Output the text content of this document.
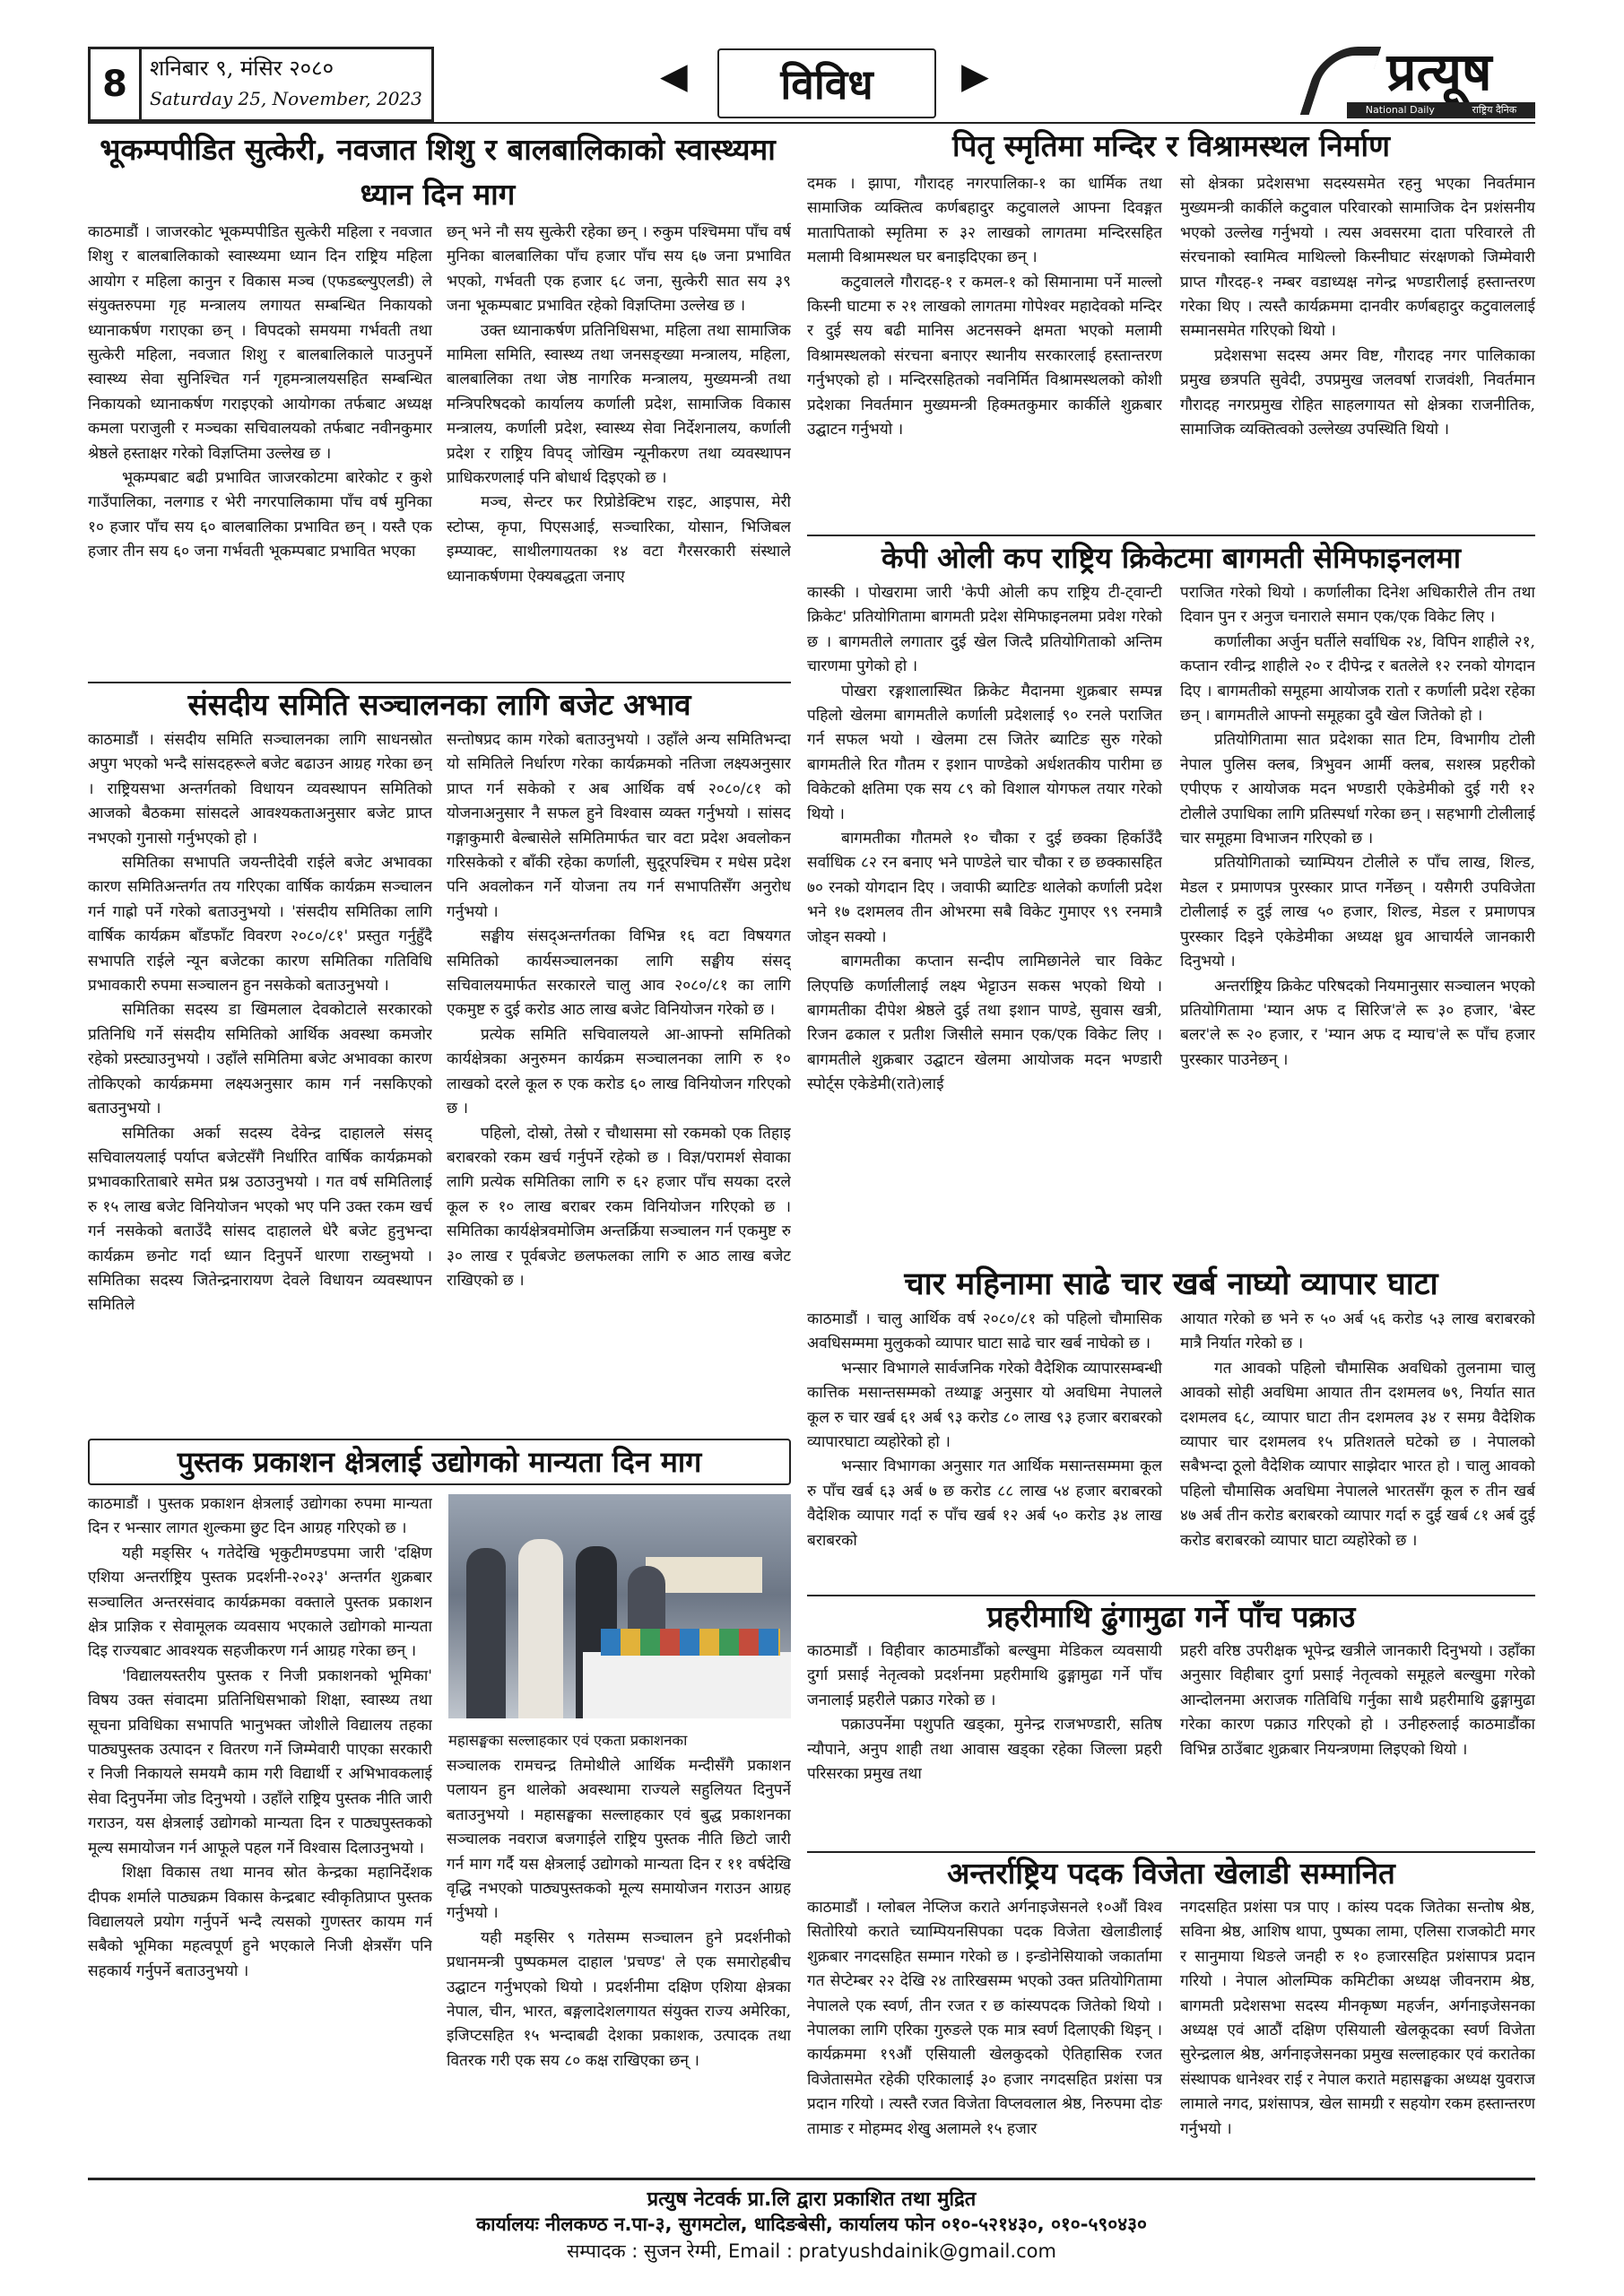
8 शनिबार ९, मंसिर २०८०
Saturday 25, November, 2023
◀	विविध	▶	प्रत्यूष
National Daily	राष्ट्रिय दैनिक
भूकम्पपीडित सुत्केरी, नवजात शिशु र बालबालिकाको स्वास्थ्यमा ध्यान दिन माग

काठमाडौं । जाजरकोट भूकम्पपीडित सुत्केरी महिला र नवजात शिशु र बालबालिकाको स्वास्थ्यमा ध्यान दिन राष्ट्रिय महिला आयोग र महिला कानुन र विकास मञ्च (एफडब्ल्युएलडी) ले संयुक्तरुपमा गृह मन्त्रालय लगायत सम्बन्धित निकायको ध्यानाकर्षण गराएका छन् । विपदको समयमा गर्भवती तथा सुत्केरी महिला, नवजात शिशु र बालबालिकाले पाउनुपर्ने स्वास्थ्य सेवा सुनिश्चित गर्न गृहमन्त्रालयसहित सम्बन्धित निकायको ध्यानाकर्षण गराइएको आयोगका तर्फबाट अध्यक्ष कमला पराजुली र मञ्चका सचिवालयको तर्फबाट नवीनकुमार श्रेष्ठले हस्ताक्षर गरेको विज्ञप्तिमा उल्लेख छ ।

भूकम्पबाट बढी प्रभावित जाजरकोटमा बारेकोट र कुशे गाउँपालिका, नलगाड र भेरी नगरपालिकामा पाँच वर्ष मुनिका १० हजार पाँच सय ६० बालबालिका प्रभावित छन् । यस्तै एक हजार तीन सय ६० जना गर्भवती भूकम्पबाट प्रभावित भएका

छन् भने नौ सय सुत्केरी रहेका छन् । रुकुम पश्चिममा पाँच वर्ष मुनिका बालबालिका पाँच हजार पाँच सय ६७ जना प्रभावित भएको, गर्भवती एक हजार ६८ जना, सुत्केरी सात सय ३९ जना भूकम्पबाट प्रभावित रहेको विज्ञप्तिमा उल्लेख छ ।

उक्त ध्यानाकर्षण प्रतिनिधिसभा, महिला तथा सामाजिक मामिला समिति, स्वास्थ्य तथा जनसङ्ख्या मन्त्रालय, महिला, बालबालिका तथा जेष्ठ नागरिक मन्त्रालय, मुख्यमन्त्री तथा मन्त्रिपरिषदको कार्यालय कर्णाली प्रदेश, सामाजिक विकास मन्त्रालय, कर्णाली प्रदेश, स्वास्थ्य सेवा निर्देशनालय, कर्णाली प्रदेश र राष्ट्रिय विपद् जोखिम न्यूनीकरण तथा व्यवस्थापन प्राधिकरणलाई पनि बोधार्थ दिइएको छ ।

मञ्च, सेन्टर फर रिप्रोडेक्टिभ राइट, आइपास, मेरी स्टोप्स, कृपा, पिएसआई, सञ्चारिका, योसान, भिजिबल इम्प्याक्ट, साथीलगायतका १४ वटा गैरसरकारी संस्थाले ध्यानाकर्षणमा ऐक्यबद्धता जनाए

संसदीय समिति सञ्चालनका लागि बजेट अभाव

काठमाडौं । संसदीय समिति सञ्चालनका लागि साधनस्रोत अपुग भएको भन्दै सांसदहरूले बजेट बढाउन आग्रह गरेका छन् । राष्ट्रियसभा अन्तर्गतको विधायन व्यवस्थापन समितिको आजको बैठकमा सांसदले आवश्यकताअनुसार बजेट प्राप्त नभएको गुनासो गर्नुभएको हो ।

समितिका सभापति जयन्तीदेवी राईले बजेट अभावका कारण समितिअन्तर्गत तय गरिएका वार्षिक कार्यक्रम सञ्चालन गर्न गाह्रो पर्ने गरेको बताउनुभयो । 'संसदीय समितिका लागि वार्षिक कार्यक्रम बाँडफाँट विवरण २०८०/८१' प्रस्तुत गर्नुहुँदै सभापति राईले न्यून बजेटका कारण समितिका गतिविधि प्रभावकारी रुपमा सञ्चालन हुन नसकेको बताउनुभयो ।

समितिका सदस्य डा खिमलाल देवकोटाले सरकारको प्रतिनिधि गर्ने संसदीय समितिको आर्थिक अवस्था कमजोर रहेको प्रस्ट्याउनुभयो । उहाँले समितिमा बजेट अभावका कारण तोकिएको कार्यक्रममा लक्ष्यअनुसार काम गर्न नसकिएको बताउनुभयो ।

समितिका अर्का सदस्य देवेन्द्र दाहालले संसद् सचिवालयलाई पर्याप्त बजेटसँगै निर्धारित वार्षिक कार्यक्रमको प्रभावकारिताबारे समेत प्रश्न उठाउनुभयो । गत वर्ष समितिलाई रु १५ लाख बजेट विनियोजन भएको भए पनि उक्त रकम खर्च गर्न नसकेको बताउँदै सांसद दाहालले धेरै बजेट हुनुभन्दा कार्यक्रम छनोट गर्दा ध्यान दिनुपर्ने धारणा राख्नुभयो । समितिका सदस्य जितेन्द्रनारायण देवले विधायन व्यवस्थापन समितिले

सन्तोषप्रद काम गरेको बताउनुभयो । उहाँले अन्य समितिभन्दा यो समितिले निर्धारण गरेका कार्यक्रमको नतिजा लक्ष्यअनुसार प्राप्त गर्न सकेको र अब आर्थिक वर्ष २०८०/८१ को योजनाअनुसार नै सफल हुने विश्वास व्यक्त गर्नुभयो । सांसद गङ्गाकुमारी बेल्बासेले समितिमार्फत चार वटा प्रदेश अवलोकन गरिसकेको र बाँकी रहेका कर्णाली, सुदूरपश्चिम र मधेस प्रदेश पनि अवलोकन गर्ने योजना तय गर्न सभापतिसँग अनुरोध गर्नुभयो ।

सङ्घीय संसद्अन्तर्गतका विभिन्न १६ वटा विषयगत समितिको कार्यसञ्चालनका लागि सङ्घीय संसद् सचिवालयमार्फत सरकारले चालु आव २०८०/८१ का लागि एकमुष्ट रु दुई करोड आठ लाख बजेट विनियोजन गरेको छ ।

प्रत्येक समिति सचिवालयले आ-आफ्नो समितिको कार्यक्षेत्रका अनुरुमन कार्यक्रम सञ्चालनका लागि रु १० लाखको दरले कूल रु एक करोड ६० लाख विनियोजन गरिएको छ ।

पहिलो, दोस्रो, तेस्रो र चौथासमा सो रकमको एक तिहाइ बराबरको रकम खर्च गर्नुपर्ने रहेको छ । विज्ञ/परामर्श सेवाका लागि प्रत्येक समितिका लागि रु ६२ हजार पाँच सयका दरले कूल रु १० लाख बराबर रकम विनियोजन गरिएको छ । समितिका कार्यक्षेत्रवमोजिम अन्तर्क्रिया सञ्चालन गर्न एकमुष्ट रु ३० लाख र पूर्वबजेट छलफलका लागि रु आठ लाख बजेट राखिएको छ ।

पुस्तक प्रकाशन क्षेत्रलाई उद्योगको मान्यता दिन माग

काठमाडौं । पुस्तक प्रकाशन क्षेत्रलाई उद्योगका रुपमा मान्यता दिन र भन्सार लागत शुल्कमा छुट दिन आग्रह गरिएको छ ।

यही मङ्सिर ५ गतेदेखि भृकुटीमण्डपमा जारी 'दक्षिण एशिया अन्तर्राष्ट्रिय पुस्तक प्रदर्शनी-२०२३' अन्तर्गत शुक्रबार सञ्चालित अन्तरसंवाद कार्यक्रमका वक्ताले पुस्तक प्रकाशन क्षेत्र प्राज्ञिक र सेवामूलक व्यवसाय भएकाले उद्योगको मान्यता दिइ राज्यबाट आवश्यक सहजीकरण गर्न आग्रह गरेका छन् ।

'विद्यालयस्तरीय पुस्तक र निजी प्रकाशनको भूमिका' विषय उक्त संवादमा प्रतिनिधिसभाको शिक्षा, स्वास्थ्य तथा सूचना प्रविधिका सभापति भानुभक्त जोशीले विद्यालय तहका पाठ्यपुस्तक उत्पादन र वितरण गर्ने जिम्मेवारी पाएका सरकारी र निजी निकायले समयमै काम गरी विद्यार्थी र अभिभावकलाई सेवा दिनुपर्नेमा जोड दिनुभयो । उहाँले राष्ट्रिय पुस्तक नीति जारी गराउन, यस क्षेत्रलाई उद्योगको मान्यता दिन र पाठ्यपुस्तकको मूल्य समायोजन गर्न आफूले पहल गर्ने विश्वास दिलाउनुभयो ।

शिक्षा विकास तथा मानव स्रोत केन्द्रका महानिर्देशक दीपक शर्माले पाठ्यक्रम विकास केन्द्रबाट स्वीकृतिप्राप्त पुस्तक विद्यालयले प्रयोग गर्नुपर्ने भन्दै त्यसको गुणस्तर कायम गर्न सबैको भूमिका महत्वपूर्ण हुने भएकाले निजी क्षेत्रसँग पनि सहकार्य गर्नुपर्ने बताउनुभयो ।

महासङ्घका सल्लाहकार एवं एकता प्रकाशनका

सञ्चालक रामचन्द्र तिमोथीले आर्थिक मन्दीसँगै प्रकाशन पलायन हुन थालेको अवस्थामा राज्यले सहुलियत दिनुपर्ने बताउनुभयो । महासङ्घका सल्लाहकार एवं बुद्ध प्रकाशनका सञ्चालक नवराज बजगाईले राष्ट्रिय पुस्तक नीति छिटो जारी गर्न माग गर्दै यस क्षेत्रलाई उद्योगको मान्यता दिन र ११ वर्षदेखि वृद्धि नभएको पाठ्यपुस्तकको मूल्य समायोजन गराउन आग्रह गर्नुभयो ।

यही मङ्सिर ९ गतेसम्म सञ्चालन हुने प्रदर्शनीको प्रधानमन्त्री पुष्पकमल दाहाल 'प्रचण्ड' ले एक समारोहबीच उद्घाटन गर्नुभएको थियो । प्रदर्शनीमा दक्षिण एशिया क्षेत्रका नेपाल, चीन, भारत, बङ्गलादेशलगायत संयुक्त राज्य अमेरिका, इजिप्टसहित १५ भन्दाबढी देशका प्रकाशक, उत्पादक तथा वितरक गरी एक सय ८० कक्ष राखिएका छन् ।

पितृ स्मृतिमा मन्दिर र विश्रामस्थल निर्माण

दमक । झापा, गौरादह नगरपालिका-१ का धार्मिक तथा सामाजिक व्यक्तित्व कर्णबहादुर कटुवालले आफ्ना दिवङ्गत मातापिताको स्मृतिमा रु ३२ लाखको लागतमा मन्दिरसहित मलामी विश्रामस्थल घर बनाइदिएका छन् ।

कटुवालले गौरादह-१ र कमल-१ को सिमानामा पर्ने माल्लो किस्नी घाटमा रु २१ लाखको लागतमा गोपेश्वर महादेवको मन्दिर र दुई सय बढी मानिस अटनसक्ने क्षमता भएको मलामी विश्रामस्थलको संरचना बनाएर स्थानीय सरकारलाई हस्तान्तरण गर्नुभएको हो । मन्दिरसहितको नवनिर्मित विश्रामस्थलको कोशी प्रदेशका निवर्तमान मुख्यमन्त्री हिक्मतकुमार कार्कीले शुक्रबार उद्घाटन गर्नुभयो ।

सो क्षेत्रका प्रदेशसभा सदस्यसमेत रहनु भएका निवर्तमान मुख्यमन्त्री कार्कीले कटुवाल परिवारको सामाजिक देन प्रशंसनीय भएको उल्लेख गर्नुभयो । त्यस अवसरमा दाता परिवारले ती संरचनाको स्वामित्व माथिल्लो किस्नीघाट संरक्षणको जिम्मेवारी प्राप्त गौरदह-१ नम्बर वडाध्यक्ष नगेन्द्र भण्डारीलाई हस्तान्तरण गरेका थिए । त्यस्तै कार्यक्रममा दानवीर कर्णबहादुर कटुवाललाई सम्मानसमेत गरिएको थियो ।

प्रदेशसभा सदस्य अमर विष्ट, गौरादह नगर पालिकाका प्रमुख छत्रपति सुवेदी, उपप्रमुख जलवर्षा राजवंशी, निवर्तमान गौरादह नगरप्रमुख रोहित साहलगायत सो क्षेत्रका राजनीतिक, सामाजिक व्यक्तित्वको उल्लेख्य उपस्थिति थियो ।

केपी ओली कप राष्ट्रिय क्रिकेटमा बागमती सेमिफाइनलमा

कास्की । पोखरामा जारी 'केपी ओली कप राष्ट्रिय टी-ट्वान्टी क्रिकेट' प्रतियोगितामा बागमती प्रदेश सेमिफाइनलमा प्रवेश गरेको छ । बागमतीले लगातार दुई खेल जित्दै प्रतियोगिताको अन्तिम चारणमा पुगेको हो ।

पोखरा रङ्गशालास्थित क्रिकेट मैदानमा शुक्रबार सम्पन्न पहिलो खेलमा बागमतीले कर्णाली प्रदेशलाई ९० रनले पराजित गर्न सफल भयो । खेलमा टस जितेर ब्याटिङ सुरु गरेको बागमतीले रित गौतम र इशान पाण्डेको अर्धशतकीय पारीमा छ विकेटको क्षतिमा एक सय ८९ को विशाल योगफल तयार गरेको थियो ।

बागमतीका गौतमले १० चौका र दुई छक्का हिर्काउँदै सर्वाधिक ८२ रन बनाए भने पाण्डेले चार चौका र छ छक्कासहित ७० रनको योगदान दिए । जवाफी ब्याटिङ थालेको कर्णाली प्रदेश भने १७ दशमलव तीन ओभरमा सबै विकेट गुमाएर ९९ रनमात्रै जोड्न सक्यो ।

बागमतीका कप्तान सन्दीप लामिछानेले चार विकेट लिएपछि कर्णालीलाई लक्ष्य भेट्टाउन सकस भएको थियो । बागमतीका दीपेश श्रेष्ठले दुई तथा इशान पाण्डे, सुवास खत्री, रिजन ढकाल र प्रतीश जिसीले समान एक/एक विकेट लिए । बागमतीले शुक्रबार उद्घाटन खेलमा आयोजक मदन भण्डारी स्पोर्ट्स एकेडेमी(राते)लाई

पराजित गरेको थियो । कर्णालीका दिनेश अधिकारीले तीन तथा दिवान पुन र अनुज चनाराले समान एक/एक विकेट लिए ।

कर्णालीका अर्जुन घर्तीले सर्वाधिक २४, विपिन शाहीले २१, कप्तान रवीन्द्र शाहीले २० र दीपेन्द्र र बतलेले १२ रनको योगदान दिए । बागमतीको समूहमा आयोजक रातो र कर्णाली प्रदेश रहेका छन् । बागमतीले आफ्नो समूहका दुवै खेल जितेको हो ।

प्रतियोगितामा सात प्रदेशका सात टिम, विभागीय टोली नेपाल पुलिस क्लब, त्रिभुवन आर्मी क्लब, सशस्त्र प्रहरीको एपीएफ र आयोजक मदन भण्डारी एकेडेमीको दुई गरी १२ टोलीले उपाधिका लागि प्रतिस्पर्धा गरेका छन् । सहभागी टोलीलाई चार समूहमा विभाजन गरिएको छ ।

प्रतियोगिताको च्याम्पियन टोलीले रु पाँच लाख, शिल्ड, मेडल र प्रमाणपत्र पुरस्कार प्राप्त गर्नेछन् । यसैगरी उपविजेता टोलीलाई रु दुई लाख ५० हजार, शिल्ड, मेडल र प्रमाणपत्र पुरस्कार दिइने एकेडेमीका अध्यक्ष ध्रुव आचार्यले जानकारी दिनुभयो ।

अन्तर्राष्ट्रिय क्रिकेट परिषदको नियमानुसार सञ्चालन भएको प्रतियोगितामा 'म्यान अफ द सिरिज'ले रू ३० हजार, 'बेस्ट बलर'ले रू २० हजार, र 'म्यान अफ द म्याच'ले रू पाँच हजार पुरस्कार पाउनेछन् ।

चार महिनामा साढे चार खर्ब नाघ्यो व्यापार घाटा

काठमाडौं । चालु आर्थिक वर्ष २०८०/८१ को पहिलो चौमासिक अवधिसम्ममा मुलुकको व्यापार घाटा साढे चार खर्ब नाघेको छ ।

भन्सार विभागले सार्वजनिक गरेको वैदेशिक व्यापारसम्बन्धी कात्तिक मसान्तसम्मको तथ्याङ्क अनुसार यो अवधिमा नेपालले कूल रु चार खर्ब ६१ अर्ब ९३ करोड ८० लाख ९३ हजार बराबरको व्यापारघाटा व्यहोरेको हो ।

भन्सार विभागका अनुसार गत आर्थिक मसान्तसम्ममा कूल रु पाँच खर्ब ६३ अर्ब ७ छ करोड ८८ लाख ५४ हजार बराबरको वैदेशिक व्यापार गर्दा रु पाँच खर्ब १२ अर्ब ५० करोड ३४ लाख बराबरको

आयात गरेको छ भने रु ५० अर्ब ५६ करोड ५३ लाख बराबरको मात्रै निर्यात गरेको छ ।

गत आवको पहिलो चौमासिक अवधिको तुलनामा चालु आवको सोही अवधिमा आयात तीन दशमलव ७९, निर्यात सात दशमलव ६८, व्यापार घाटा तीन दशमलव ३४ र समग्र वैदेशिक व्यापार चार दशमलव १५ प्रतिशतले घटेको छ । नेपालको सबैभन्दा ठूलो वैदेशिक व्यापार साझेदार भारत हो । चालु आवको पहिलो चौमासिक अवधिमा नेपालले भारतसँग कूल रु तीन खर्ब ४७ अर्ब तीन करोड बराबरको व्यापार गर्दा रु दुई खर्ब ८१ अर्ब दुई करोड बराबरको व्यापार घाटा व्यहोरेको छ ।

प्रहरीमाथि ढुंगामुढा गर्ने पाँच पक्राउ

काठमाडौं । विहीवार काठमाडौँको बल्खुमा मेडिकल व्यवसायी दुर्गा प्रसाई नेतृत्वको प्रदर्शनमा प्रहरीमाथि ढुङ्गामुढा गर्ने पाँच जनालाई प्रहरीले पक्राउ गरेको छ ।

पक्राउपर्नेमा पशुपति खड्का, मुनेन्द्र राजभण्डारी, सतिष न्यौपाने, अनुप शाही तथा आवास खड्का रहेका जिल्ला प्रहरी परिसरका प्रमुख तथा

प्रहरी वरिष्ठ उपरीक्षक भूपेन्द्र खत्रीले जानकारी दिनुभयो । उहाँका अनुसार विहीबार दुर्गा प्रसाई नेतृत्वको समूहले बल्खुमा गरेको आन्दोलनमा अराजक गतिविधि गर्नुका साथै प्रहरीमाथि ढुङ्गामुढा गरेका कारण पक्राउ गरिएको हो । उनीहरुलाई काठमाडौंका विभिन्न ठाउँबाट शुक्रबार नियन्त्रणमा लिइएको थियो ।

अन्तर्राष्ट्रिय पदक विजेता खेलाडी सम्मानित

काठमाडौं । ग्लोबल नेप्लिज कराते अर्गनाइजेसनले १०औं विश्व सितोरियो कराते च्याम्पियनसिपका पदक विजेता खेलाडीलाई शुक्रबार नगदसहित सम्मान गरेको छ । इन्डोनेसियाको जकार्तामा गत सेप्टेम्बर २२ देखि २४ तारिखसम्म भएको उक्त प्रतियोगितामा नेपालले एक स्वर्ण, तीन रजत र छ कांस्यपदक जितेको थियो । नेपालका लागि एरिका गुरुङले एक मात्र स्वर्ण दिलाएकी थिइन् । कार्यक्रममा १९औं एसियाली खेलकुदको ऐतिहासिक रजत विजेतासमेत रहेकी एरिकालाई ३० हजार नगदसहित प्रशंसा पत्र प्रदान गरियो । त्यस्तै रजत विजेता विप्लवलाल श्रेष्ठ, निरुपमा दोङ तामाङ र मोहम्मद शेखु अलामले १५ हजार

नगदसहित प्रशंसा पत्र पाए । कांस्य पदक जितेका सन्तोष श्रेष्ठ, सविना श्रेष्ठ, आशिष थापा, पुष्पका लामा, एलिसा राजकोटी मगर र सानुमाया थिङले जनही रु १० हजारसहित प्रशंसापत्र प्रदान गरियो । नेपाल ओलम्पिक कमिटीका अध्यक्ष जीवनराम श्रेष्ठ, बागमती प्रदेशसभा सदस्य मीनकृष्ण महर्जन, अर्गनाइजेसनका अध्यक्ष एवं आठौं दक्षिण एसियाली खेलकूदका स्वर्ण विजेता सुरेन्द्रलाल श्रेष्ठ, अर्गनाइजेसनका प्रमुख सल्लाहकार एवं करातेका संस्थापक धानेश्वर राई र नेपाल कराते महासङ्घका अध्यक्ष युवराज लामाले नगद, प्रशंसापत्र, खेल सामग्री र सहयोग रकम हस्तान्तरण गर्नुभयो ।

प्रत्युष नेटवर्क प्रा.लि द्वारा प्रकाशित तथा मुद्रित
कार्यालयः नीलकण्ठ न.पा-३, सुगमटोल, धादिङबेसी, कार्यालय फोन ०१०-५२१४३०, ०१०-५९०४३०
सम्पादक : सुजन रेग्मी, Email : pratyushdainik@gmail.com
